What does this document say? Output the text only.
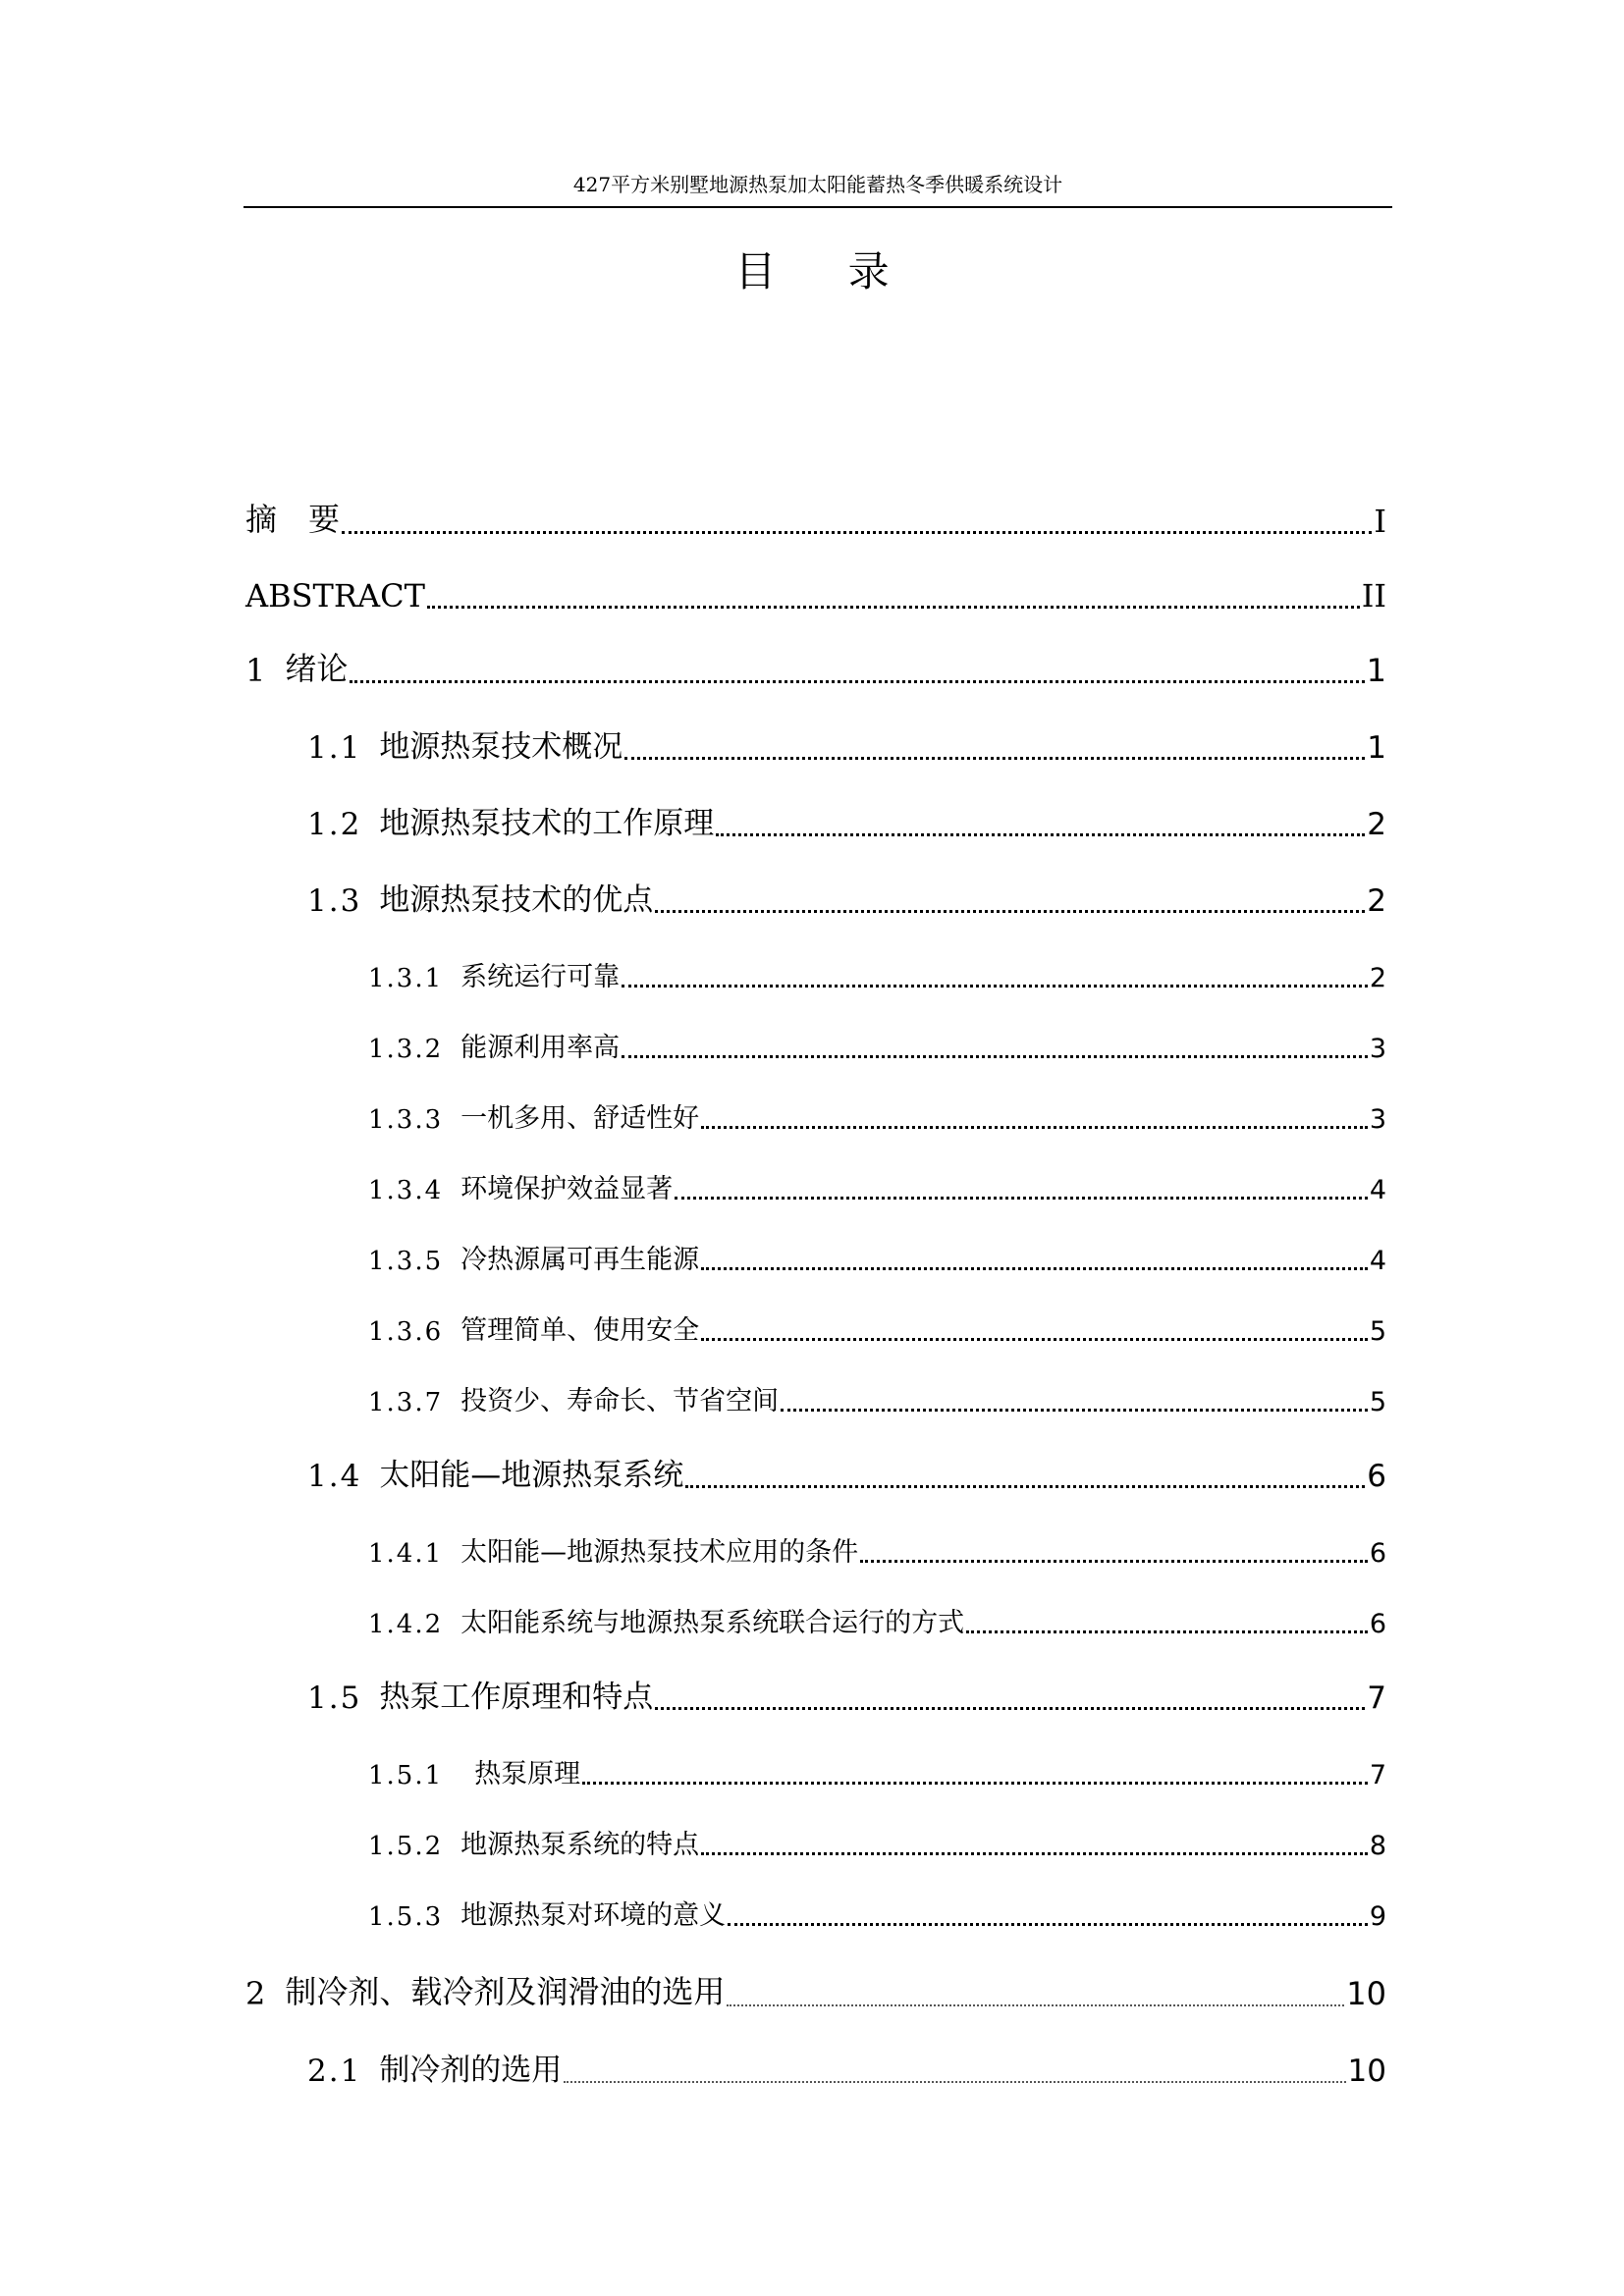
427平方米别墅地源热泵加太阳能蓄热冬季供暖系统设计
目 录
摘　要	I
ABSTRACT	II
1 绪论	1
1.1 地源热泵技术概况	1
1.2 地源热泵技术的工作原理	2
1.3 地源热泵技术的优点	2
1.3.1 系统运行可靠	2
1.3.2 能源利用率高	3
1.3.3 一机多用、舒适性好	3
1.3.4 环境保护效益显著	4
1.3.5 冷热源属可再生能源	4
1.3.6 管理简单、使用安全	5
1.3.7 投资少、寿命长、节省空间	5
1.4 太阳能—地源热泵系统	6
1.4.1 太阳能—地源热泵技术应用的条件	6
1.4.2 太阳能系统与地源热泵系统联合运行的方式	6
1.5 热泵工作原理和特点	7
1.5.1 热泵原理	7
1.5.2 地源热泵系统的特点	8
1.5.3 地源热泵对环境的意义	9
2 制冷剂、载冷剂及润滑油的选用	10
2.1 制冷剂的选用	10
